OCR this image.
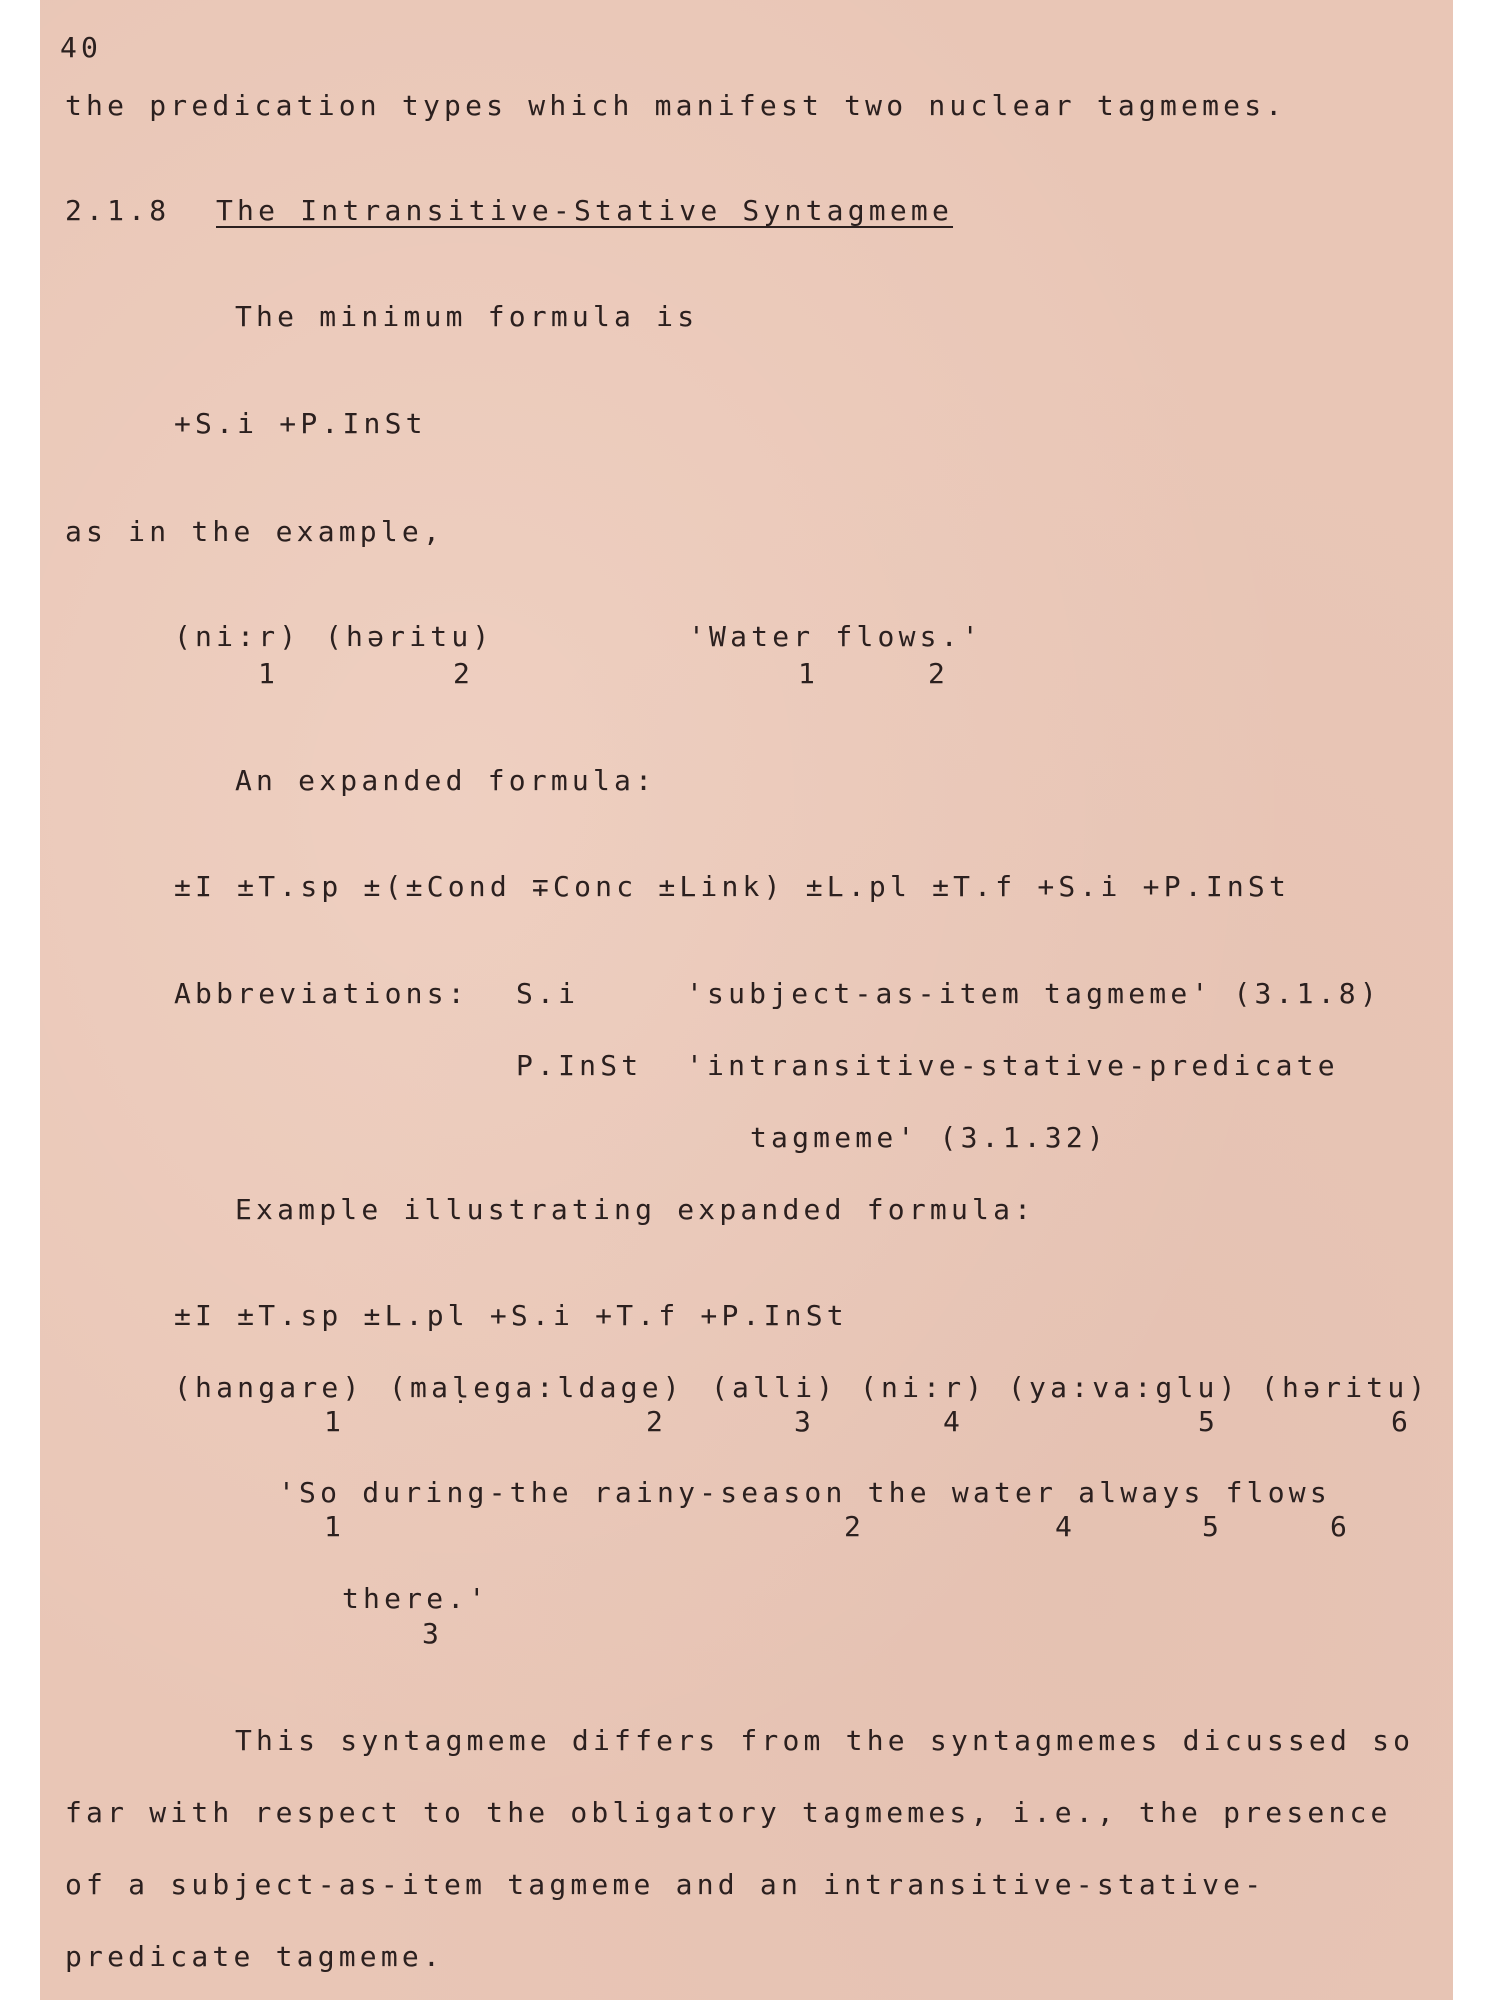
40
the predication types which manifest two nuclear tagmemes.
2.1.8 The Intransitive-Stative Syntagmeme
The minimum formula is
+S.i +P.InSt
as in the example,
(ni:r) (həritu)	'Water flows.'
1	2	1	2
An expanded formula:
±I ±T.sp ±(±Cond ∓Conc ±Link) ±L.pl ±T.f +S.i +P.InSt
Abbreviations: S.i	'subject-as-item tagmeme' (3.1.8)
P.InSt 'intransitive-stative-predicate
tagmeme' (3.1.32)
Example illustrating expanded formula:
±I ±T.sp ±L.pl +S.i +T.f +P.InSt
(hangare) (maḷega:ldage) (alli) (ni:r) (ya:va:glu) (həritu)
1	2	3	4	5	6
'So during-the rainy-season the water always flows
1	2	4	5	6
there.'
3
This syntagmeme differs from the syntagmemes dicussed so
far with respect to the obligatory tagmemes, i.e., the presence
of a subject-as-item tagmeme and an intransitive-stative-
predicate tagmeme.
